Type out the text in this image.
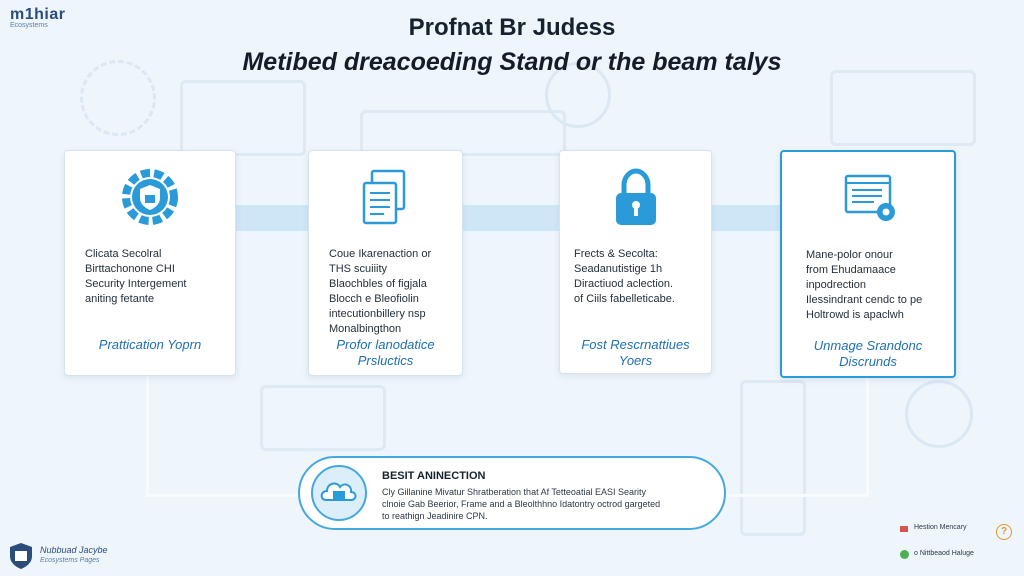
m1hiar
Ecosystems	Profnat Br Judess
Metibed dreacoeding Stand or the beam talys
Clicata Secolral
Birttachonone CHI
Security Intergement
aniting fetante
Prattication Yoprn
Coue Ikarenaction or
THS scuiiity
Blaochbles of figjala
Blocch e Bleofiolin
intecutionbillery nsp
Monalbingthon
Profor lanodatice
Prsluctics
Frects & Secolta:
Seadanutistige 1h
Diractiuod aclection.
of Ciils fabelleticabe.
Fost Rescrnattiues
Yoers
Mane-polor onour
from Ehudamaace
inpodrection
Ilessindrant cendc to pe
Holtrowd is apaclwh
Unmage Srandonc
Discrunds
BESIT ANINECTION
Cly Gillanine Mivatur Shratberation that Af Tetteoatial EASI Searity
clnoie Gab Beerior, Frame and a Bleolthhno Idatontry octrod gargeted
to reathign Jeadinire CPN.
Nubbuad Jacybe
Ecosystems Pages
Hestion Mencary
o Nittbeaod Haluge
?
